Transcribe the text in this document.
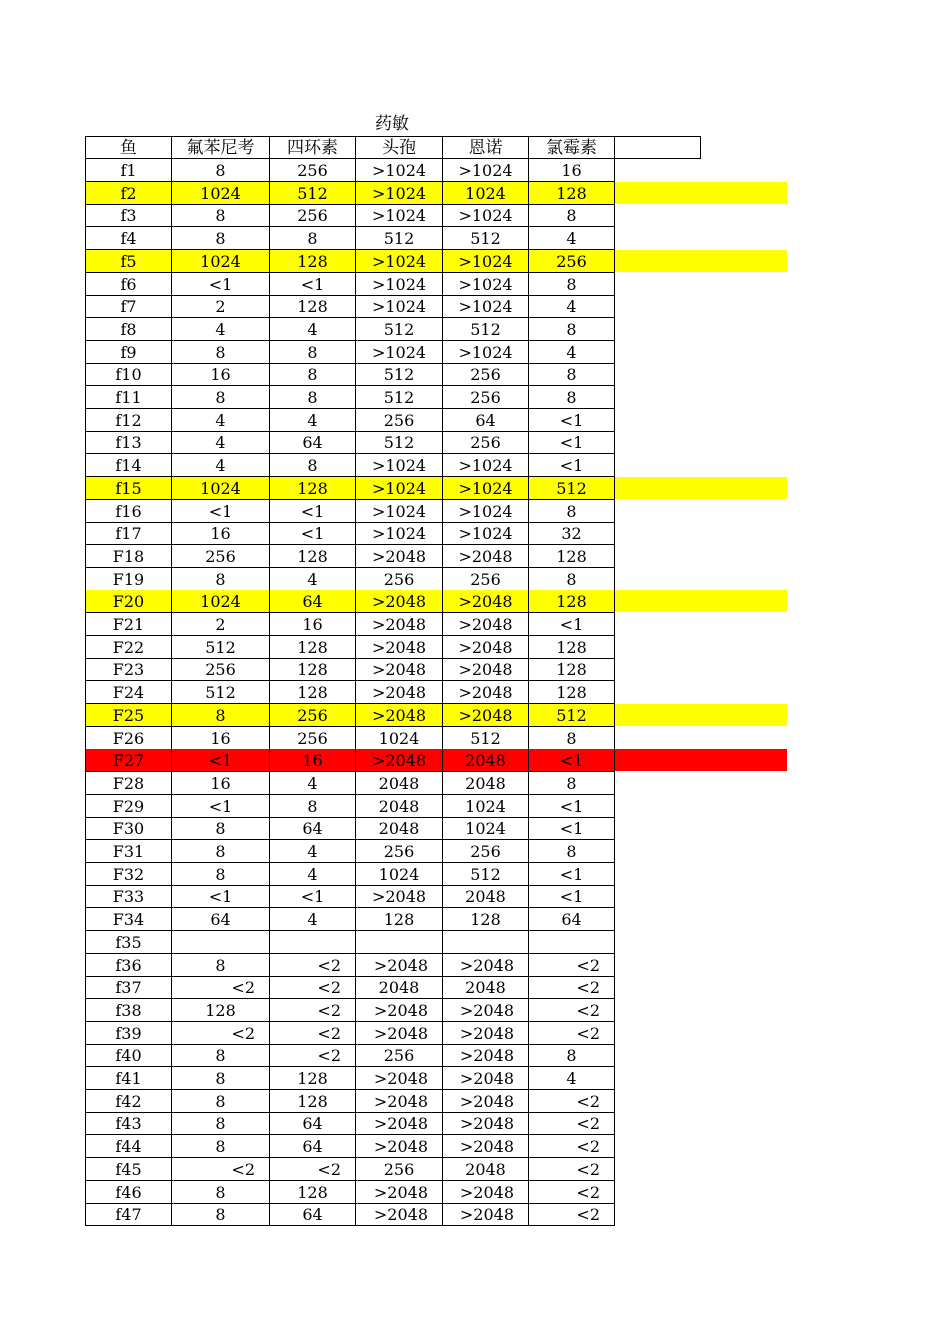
药敏
鱼	氟苯尼考	四环素	头孢	恩诺	氯霉素
f1	8	256	>1024	>1024	16
f2	1024	512	>1024	1024	128
f3	8	256	>1024	>1024	8
f4	8	8	512	512	4
f5	1024	128	>1024	>1024	256
f6	<1	<1	>1024	>1024	8
f7	2	128	>1024	>1024	4
f8	4	4	512	512	8
f9	8	8	>1024	>1024	4
f10	16	8	512	256	8
f11	8	8	512	256	8
f12	4	4	256	64	<1
f13	4	64	512	256	<1
f14	4	8	>1024	>1024	<1
f15	1024	128	>1024	>1024	512
f16	<1	<1	>1024	>1024	8
f17	16	<1	>1024	>1024	32
F18	256	128	>2048	>2048	128
F19	8	4	256	256	8
F20	1024	64	>2048	>2048	128
F21	2	16	>2048	>2048	<1
F22	512	128	>2048	>2048	128
F23	256	128	>2048	>2048	128
F24	512	128	>2048	>2048	128
F25	8	256	>2048	>2048	512
F26	16	256	1024	512	8
F27	<1	16	>2048	2048	<1
F28	16	4	2048	2048	8
F29	<1	8	2048	1024	<1
F30	8	64	2048	1024	<1
F31	8	4	256	256	8
F32	8	4	1024	512	<1
F33	<1	<1	>2048	2048	<1
F34	64	4	128	128	64
f35
f36	8	<2	>2048	>2048	<2
f37	<2	<2	2048	2048	<2
f38	128	<2	>2048	>2048	<2
f39	<2	<2	>2048	>2048	<2
f40	8	<2	256	>2048	8
f41	8	128	>2048	>2048	4
f42	8	128	>2048	>2048	<2
f43	8	64	>2048	>2048	<2
f44	8	64	>2048	>2048	<2
f45	<2	<2	256	2048	<2
f46	8	128	>2048	>2048	<2
f47	8	64	>2048	>2048	<2
